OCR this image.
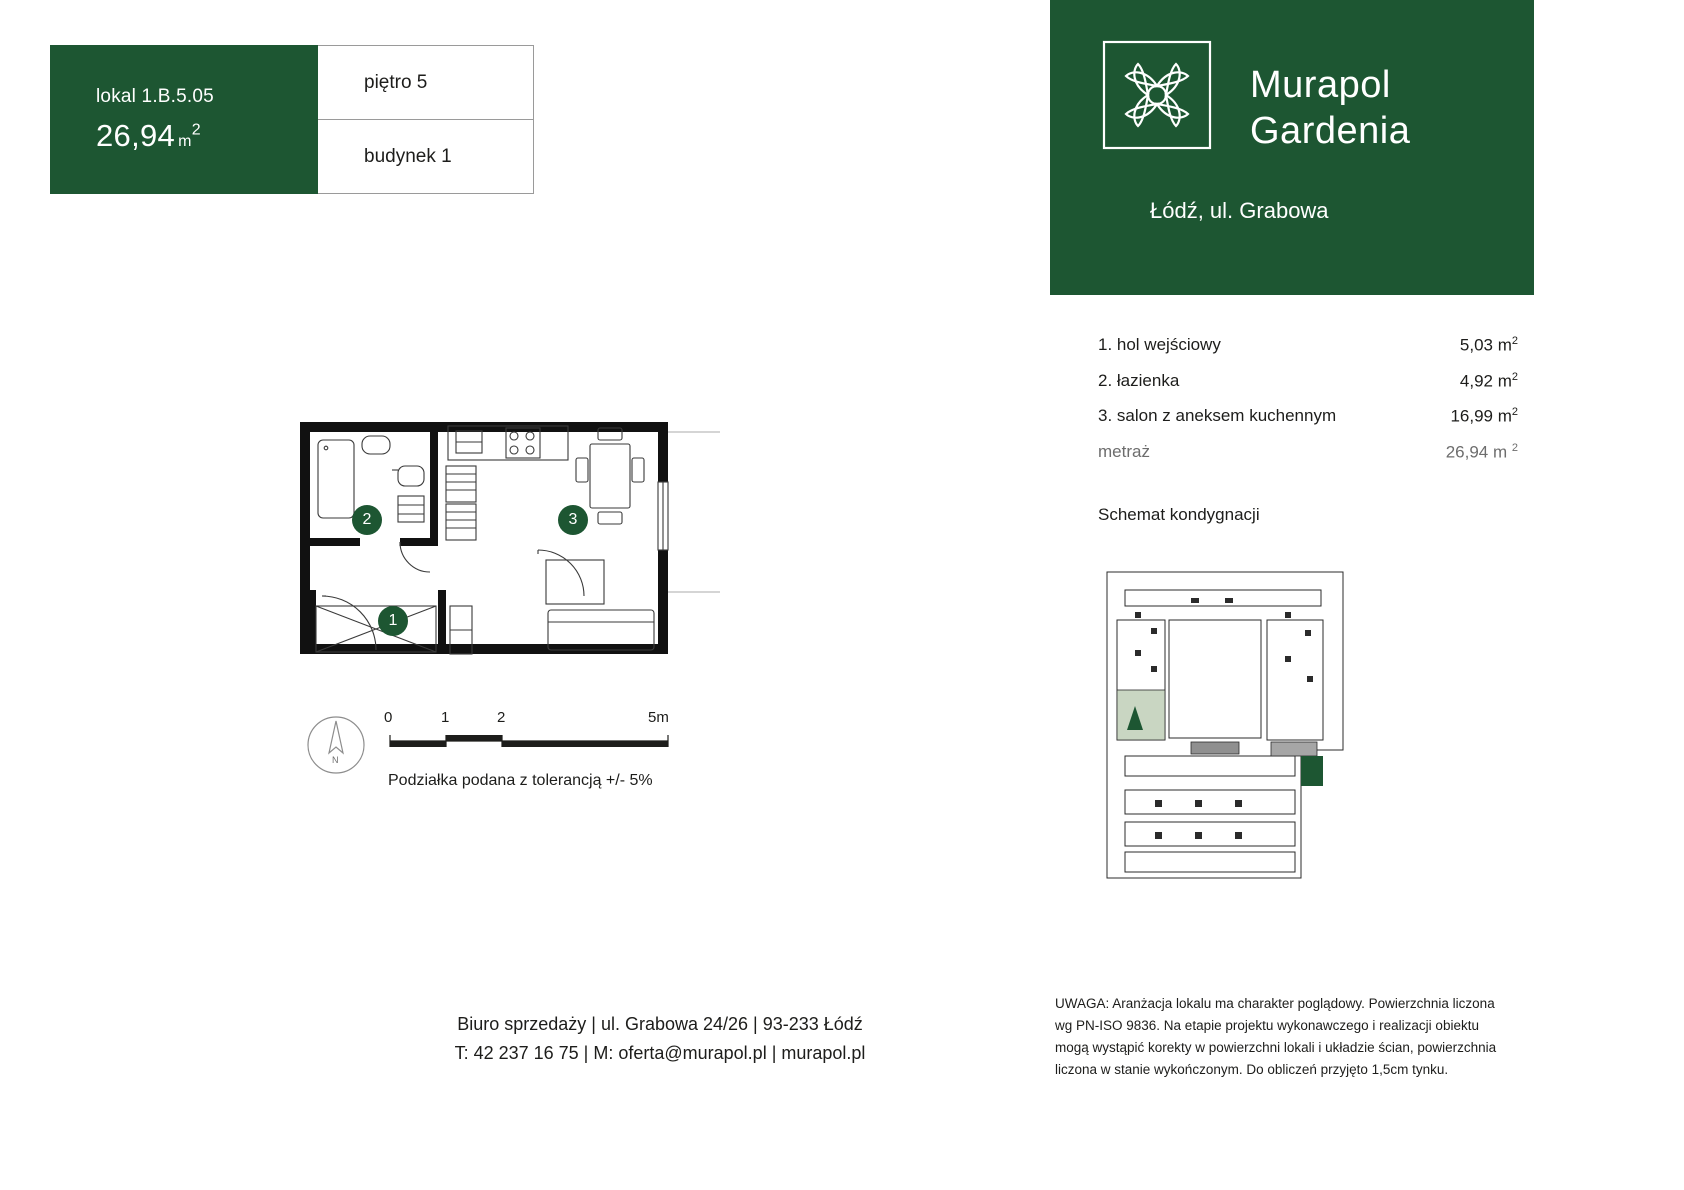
lokal 1.B.5.05
26,94 $m^2$
piętro 5
budynek 1
2	3
1
N
0	1	2	5m
Podziałka podana z tolerancją +/- 5%
Murapol
Gardenia
Łódź, ul. Grabowa
1. hol wejściowy	5,03 $m^2$
2. łazienka	4,92 $m^2$
3. salon z aneksem kuchennym	16,99 $m^2$
metraż	26,94 m $^2$
Schemat kondygnacji
Biuro sprzedaży | ul. Grabowa 24/26 | 93-233 Łódź
T: 42 237 16 75 | M: oferta@murapol.pl | murapol.pl
UWAGA: Aranżacja lokalu ma charakter poglądowy. Powierzchnia liczona wg PN-ISO 9836. Na etapie projektu wykonawczego i realizacji obiektu mogą wystąpić korekty w powierzchni lokali i układzie ścian, powierzchnia liczona w stanie wykończonym. Do obliczeń przyjęto 1,5cm tynku.
